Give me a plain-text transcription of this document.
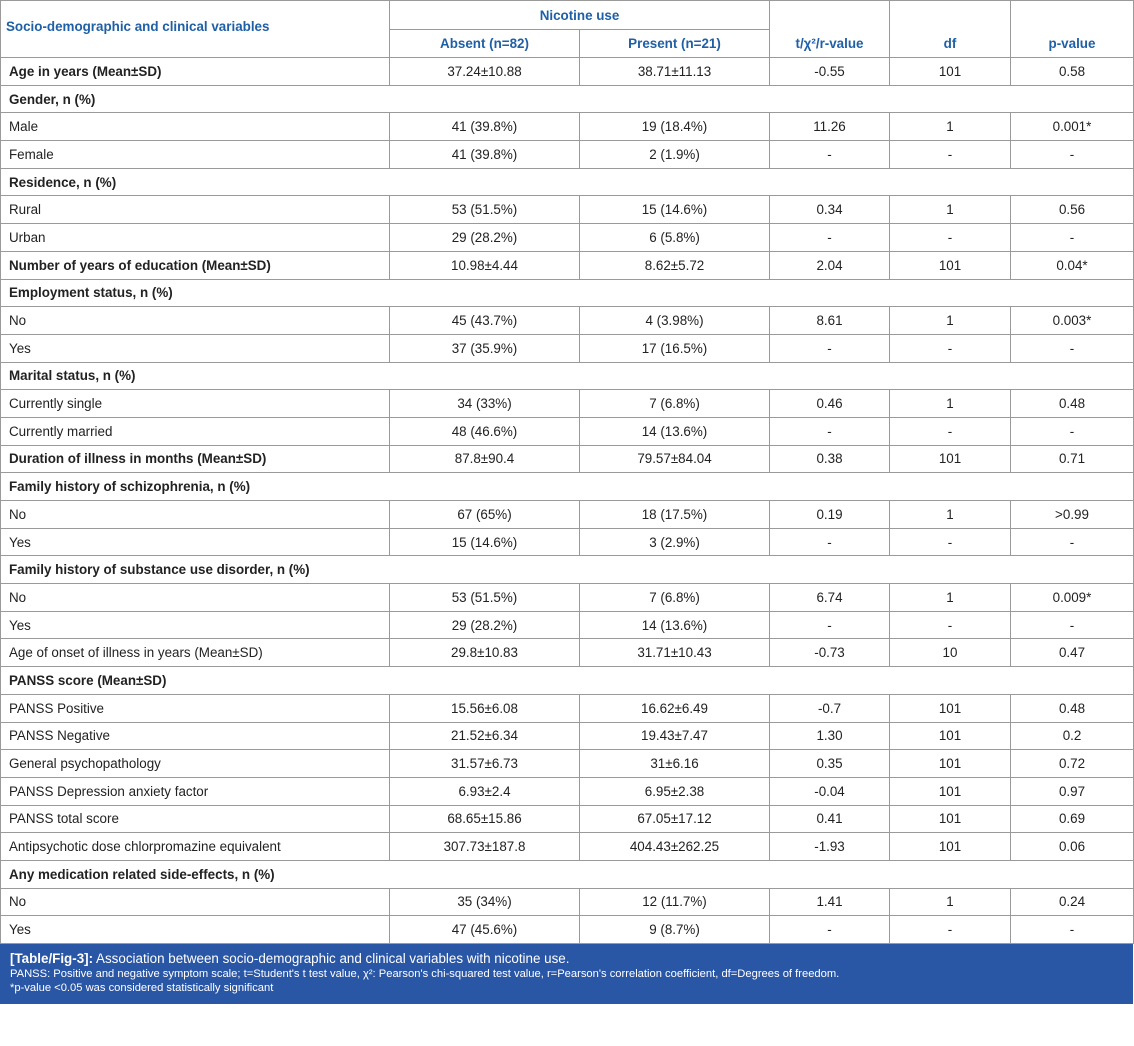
Socio-demographic and clinical variables	Nicotine use		t/χ²/r-value	df	p-value
	Absent (n=82)	Present (n=21)			
Age in years (Mean±SD)	37.24±10.88	38.71±11.13	-0.55	101	0.58
Gender, n (%)					
Male	41 (39.8%)	19 (18.4%)	11.26	1	0.001*
Female	41 (39.8%)	2 (1.9%)	-	-	-
Residence, n (%)					
Rural	53 (51.5%)	15 (14.6%)	0.34	1	0.56
Urban	29 (28.2%)	6 (5.8%)	-	-	-
Number of years of education (Mean±SD)	10.98±4.44	8.62±5.72	2.04	101	0.04*
Employment status, n (%)					
No	45 (43.7%)	4 (3.98%)	8.61	1	0.003*
Yes	37 (35.9%)	17 (16.5%)	-	-	-
Marital status, n (%)					
Currently single	34 (33%)	7 (6.8%)	0.46	1	0.48
Currently married	48 (46.6%)	14 (13.6%)	-	-	-
Duration of illness in months (Mean±SD)	87.8±90.4	79.57±84.04	0.38	101	0.71
Family history of schizophrenia, n (%)					
No	67 (65%)	18 (17.5%)	0.19	1	>0.99
Yes	15 (14.6%)	3 (2.9%)	-	-	-
Family history of substance use disorder, n (%)					
No	53 (51.5%)	7 (6.8%)	6.74	1	0.009*
Yes	29 (28.2%)	14 (13.6%)	-	-	-
Age of onset of illness in years (Mean±SD)	29.8±10.83	31.71±10.43	-0.73	10	0.47
PANSS score (Mean±SD)					
PANSS Positive	15.56±6.08	16.62±6.49	-0.7	101	0.48
PANSS Negative	21.52±6.34	19.43±7.47	1.30	101	0.2
General psychopathology	31.57±6.73	31±6.16	0.35	101	0.72
PANSS Depression anxiety factor	6.93±2.4	6.95±2.38	-0.04	101	0.97
PANSS total score	68.65±15.86	67.05±17.12	0.41	101	0.69
Antipsychotic dose chlorpromazine equivalent	307.73±187.8	404.43±262.25	-1.93	101	0.06
Any medication related side-effects, n (%)					
No	35 (34%)	12 (11.7%)	1.41	1	0.24
Yes	47 (45.6%)	9 (8.7%)	-	-	-
[Table/Fig-3]: Association between socio-demographic and clinical variables with nicotine use.
PANSS: Positive and negative symptom scale; t=Student's t test value, χ²: Pearson's chi-squared test value, r=Pearson's correlation coefficient, df=Degrees of freedom.
*p-value <0.05 was considered statistically significant
